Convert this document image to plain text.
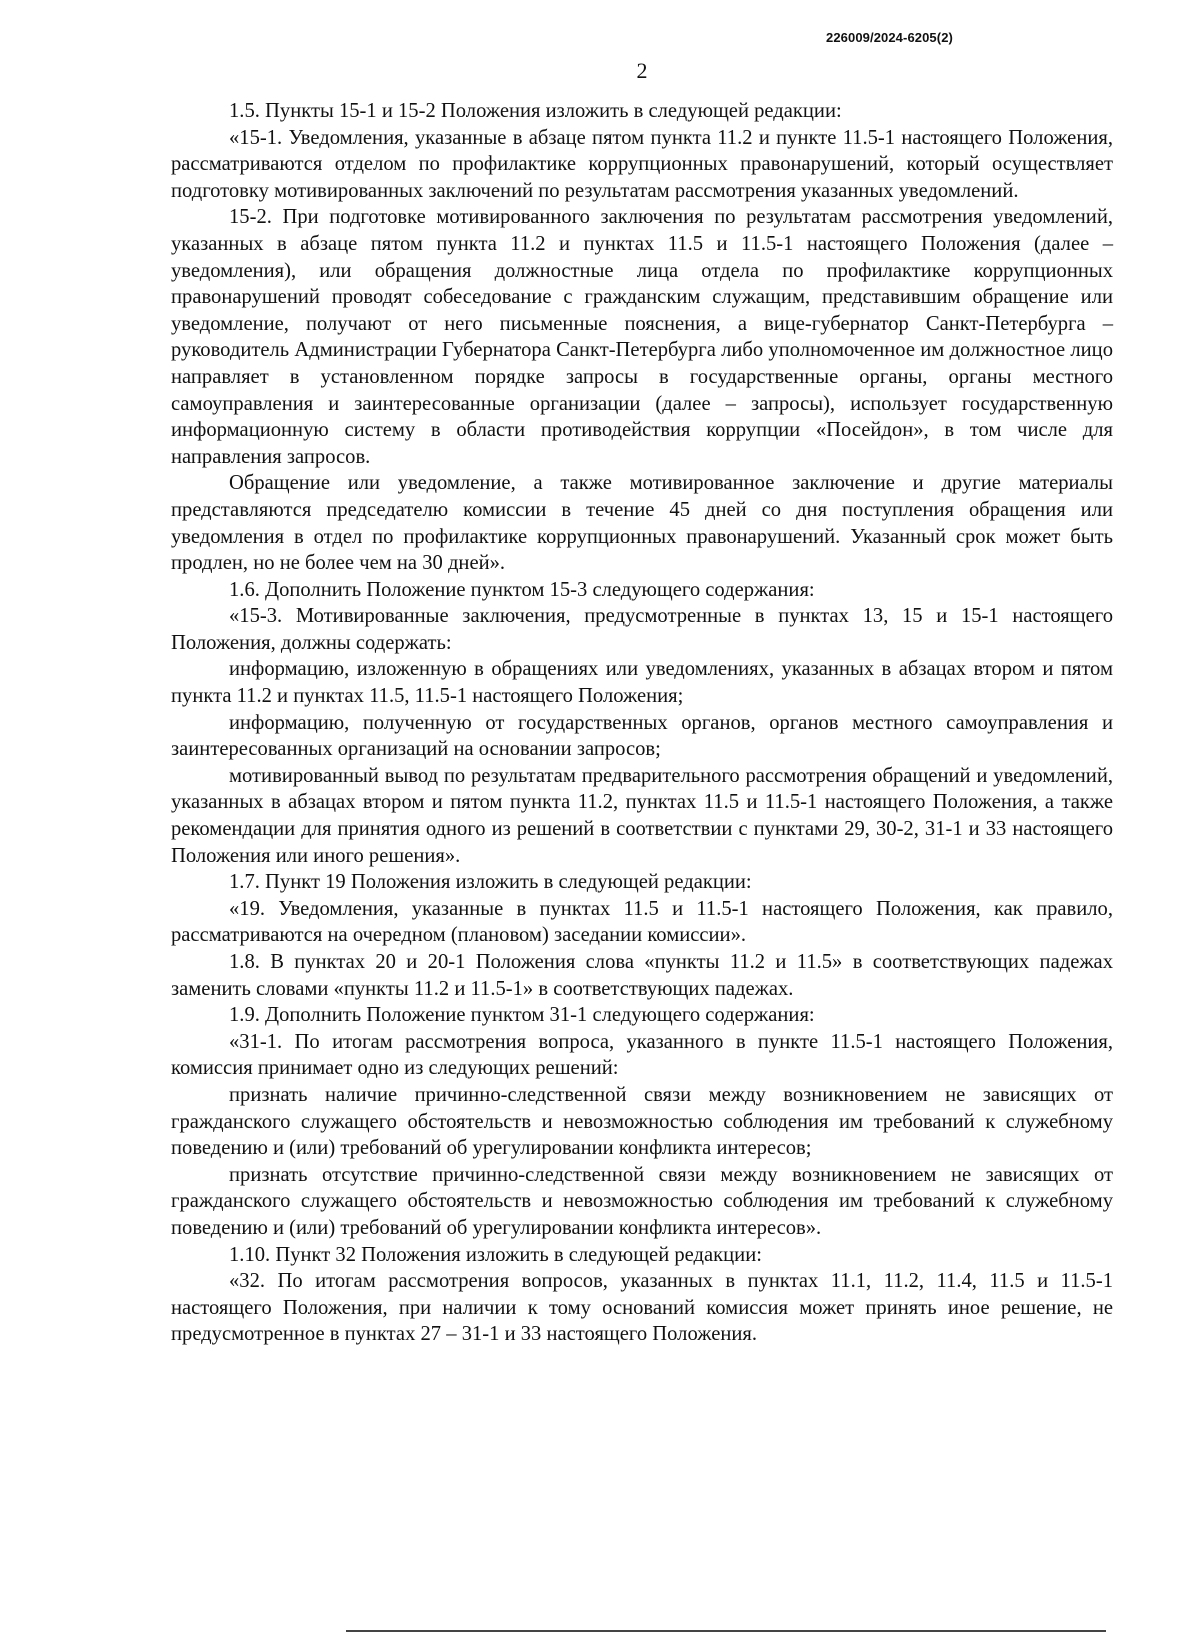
226009/2024-6205(2)
2

1.5. Пункты 15-1 и 15-2 Положения изложить в следующей редакции:

«15-1. Уведомления, указанные в абзаце пятом пункта 11.2 и пункте 11.5-1 настоящего Положения, рассматриваются отделом по профилактике коррупционных правонарушений, который осуществляет подготовку мотивированных заключений по результатам рассмотрения указанных уведомлений.

15-2. При подготовке мотивированного заключения по результатам рассмотрения уведомлений, указанных в абзаце пятом пункта 11.2 и пунктах 11.5 и 11.5-1 настоящего Положения (далее – уведомления), или обращения должностные лица отдела по профилактике коррупционных правонарушений проводят собеседование с гражданским служащим, представившим обращение или уведомление, получают от него письменные пояснения, а вице-губернатор Санкт-Петербурга – руководитель Администрации Губернатора Санкт-Петербурга либо уполномоченное им должностное лицо направляет в установленном порядке запросы в государственные органы, органы местного самоуправления и заинтересованные организации (далее – запросы), использует государственную информационную систему в области противодействия коррупции «Посейдон», в том числе для направления запросов.

Обращение или уведомление, а также мотивированное заключение и другие материалы представляются председателю комиссии в течение 45 дней со дня поступления обращения или уведомления в отдел по профилактике коррупционных правонарушений. Указанный срок может быть продлен, но не более чем на 30 дней».

1.6. Дополнить Положение пунктом 15-3 следующего содержания:

«15-3. Мотивированные заключения, предусмотренные в пунктах 13, 15 и 15-1 настоящего Положения, должны содержать:

информацию, изложенную в обращениях или уведомлениях, указанных в абзацах втором и пятом пункта 11.2 и пунктах 11.5, 11.5-1 настоящего Положения;

информацию, полученную от государственных органов, органов местного самоуправления и заинтересованных организаций на основании запросов;

мотивированный вывод по результатам предварительного рассмотрения обращений и уведомлений, указанных в абзацах втором и пятом пункта 11.2, пунктах 11.5 и 11.5-1 настоящего Положения, а также рекомендации для принятия одного из решений в соответствии с пунктами 29, 30-2, 31-1 и 33 настоящего Положения или иного решения».

1.7. Пункт 19 Положения изложить в следующей редакции:

«19. Уведомления, указанные в пунктах 11.5 и 11.5-1 настоящего Положения, как правило, рассматриваются на очередном (плановом) заседании комиссии».

1.8. В пунктах 20 и 20-1 Положения слова «пункты 11.2 и 11.5» в соответствующих падежах заменить словами «пункты 11.2 и 11.5-1» в соответствующих падежах.

1.9. Дополнить Положение пунктом 31-1 следующего содержания:

«31-1. По итогам рассмотрения вопроса, указанного в пункте 11.5-1 настоящего Положения, комиссия принимает одно из следующих решений:

признать наличие причинно-следственной связи между возникновением не зависящих от гражданского служащего обстоятельств и невозможностью соблюдения им требований к служебному поведению и (или) требований об урегулировании конфликта интересов;

признать отсутствие причинно-следственной связи между возникновением не зависящих от гражданского служащего обстоятельств и невозможностью соблюдения им требований к служебному поведению и (или) требований об урегулировании конфликта интересов».

1.10. Пункт 32 Положения изложить в следующей редакции:

«32. По итогам рассмотрения вопросов, указанных в пунктах 11.1, 11.2, 11.4, 11.5 и 11.5-1 настоящего Положения, при наличии к тому оснований комиссия может принять иное решение, не предусмотренное в пунктах 27 – 31-1 и 33 настоящего Положения.
